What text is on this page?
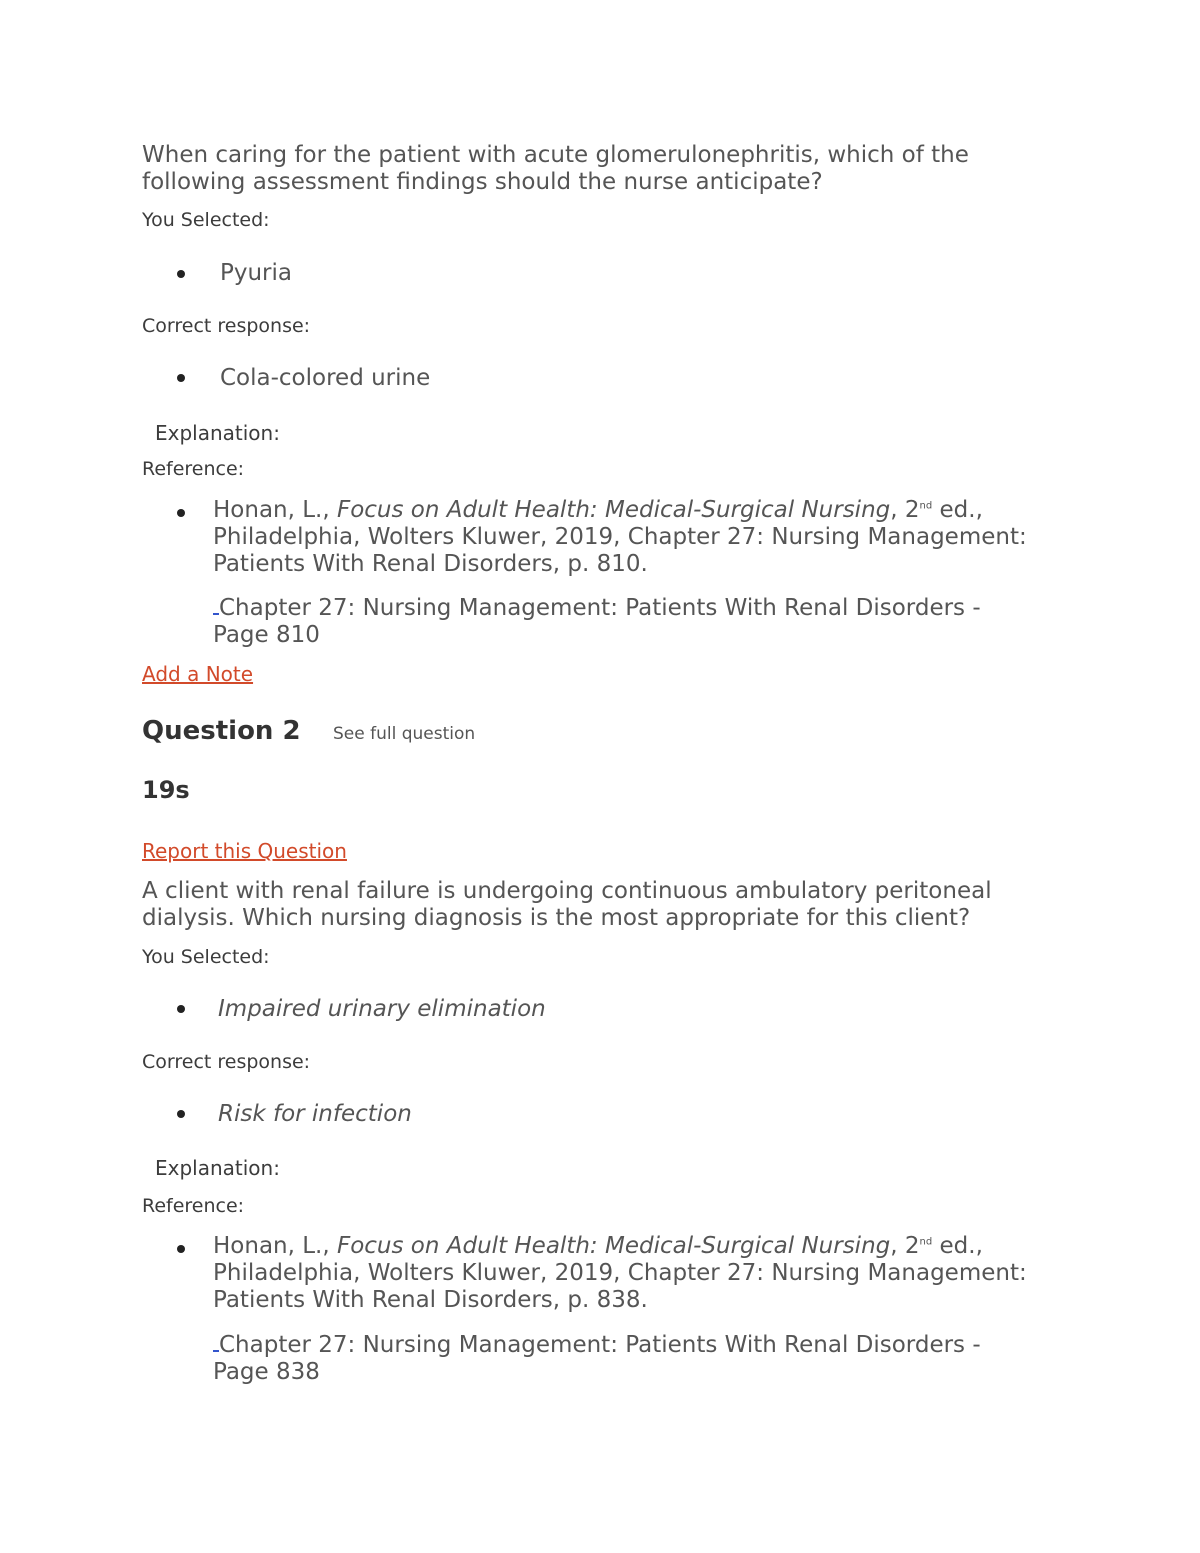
When caring for the patient with acute glomerulonephritis, which of the following assessment findings should the nurse anticipate?
You Selected:
Pyuria
Correct response:
Cola-colored urine
Explanation:
Reference:
Honan, L., Focus on Adult Health: Medical-Surgical Nursing, 2nd ed., Philadelphia, Wolters Kluwer, 2019, Chapter 27: Nursing Management: Patients With Renal Disorders, p. 810.
Chapter 27: Nursing Management: Patients With Renal Disorders - Page 810
Add a Note
Question 2 See full question
19s
Report this Question
A client with renal failure is undergoing continuous ambulatory peritoneal dialysis. Which nursing diagnosis is the most appropriate for this client?
You Selected:
Impaired urinary elimination
Correct response:
Risk for infection
Explanation:
Reference:
Honan, L., Focus on Adult Health: Medical-Surgical Nursing, 2nd ed., Philadelphia, Wolters Kluwer, 2019, Chapter 27: Nursing Management: Patients With Renal Disorders, p. 838.
Chapter 27: Nursing Management: Patients With Renal Disorders - Page 838
